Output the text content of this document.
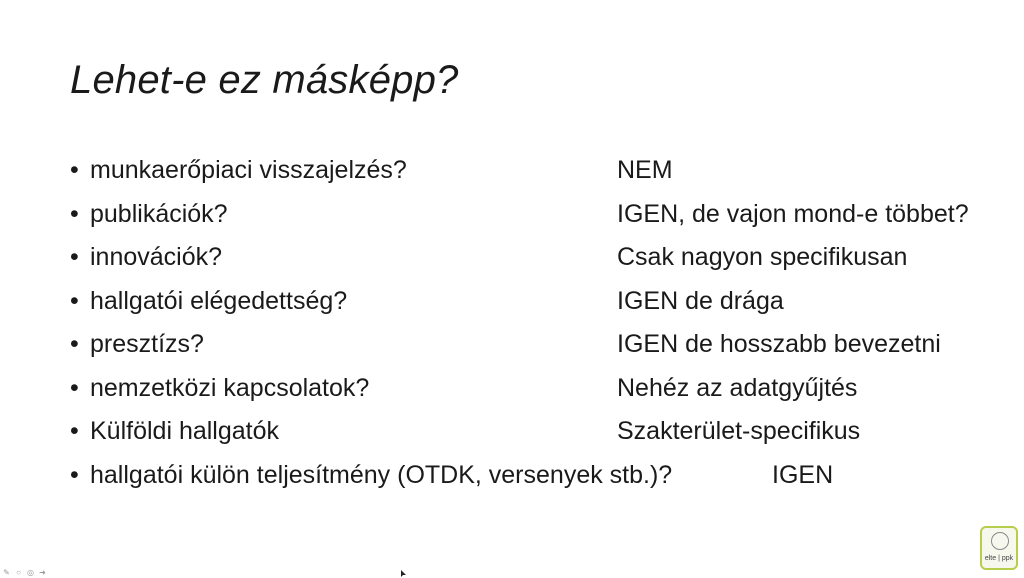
Lehet-e ez másképp?
• munkaerőpiaci visszajelzés?	NEM
• publikációk?	IGEN, de vajon mond-e többet?
• innovációk?	Csak nagyon specifikusan
• hallgatói elégedettség?	IGEN de drága
• presztízs?	IGEN de hosszabb bevezetni
• nemzetközi kapcsolatok?	Nehéz az adatgyűjtés
• Külföldi hallgatók	Szakterület-specifikus
• hallgatói külön teljesítmény (OTDK, versenyek stb.)?	IGEN
elte | ppk
✎ ○ ◎ ➜
